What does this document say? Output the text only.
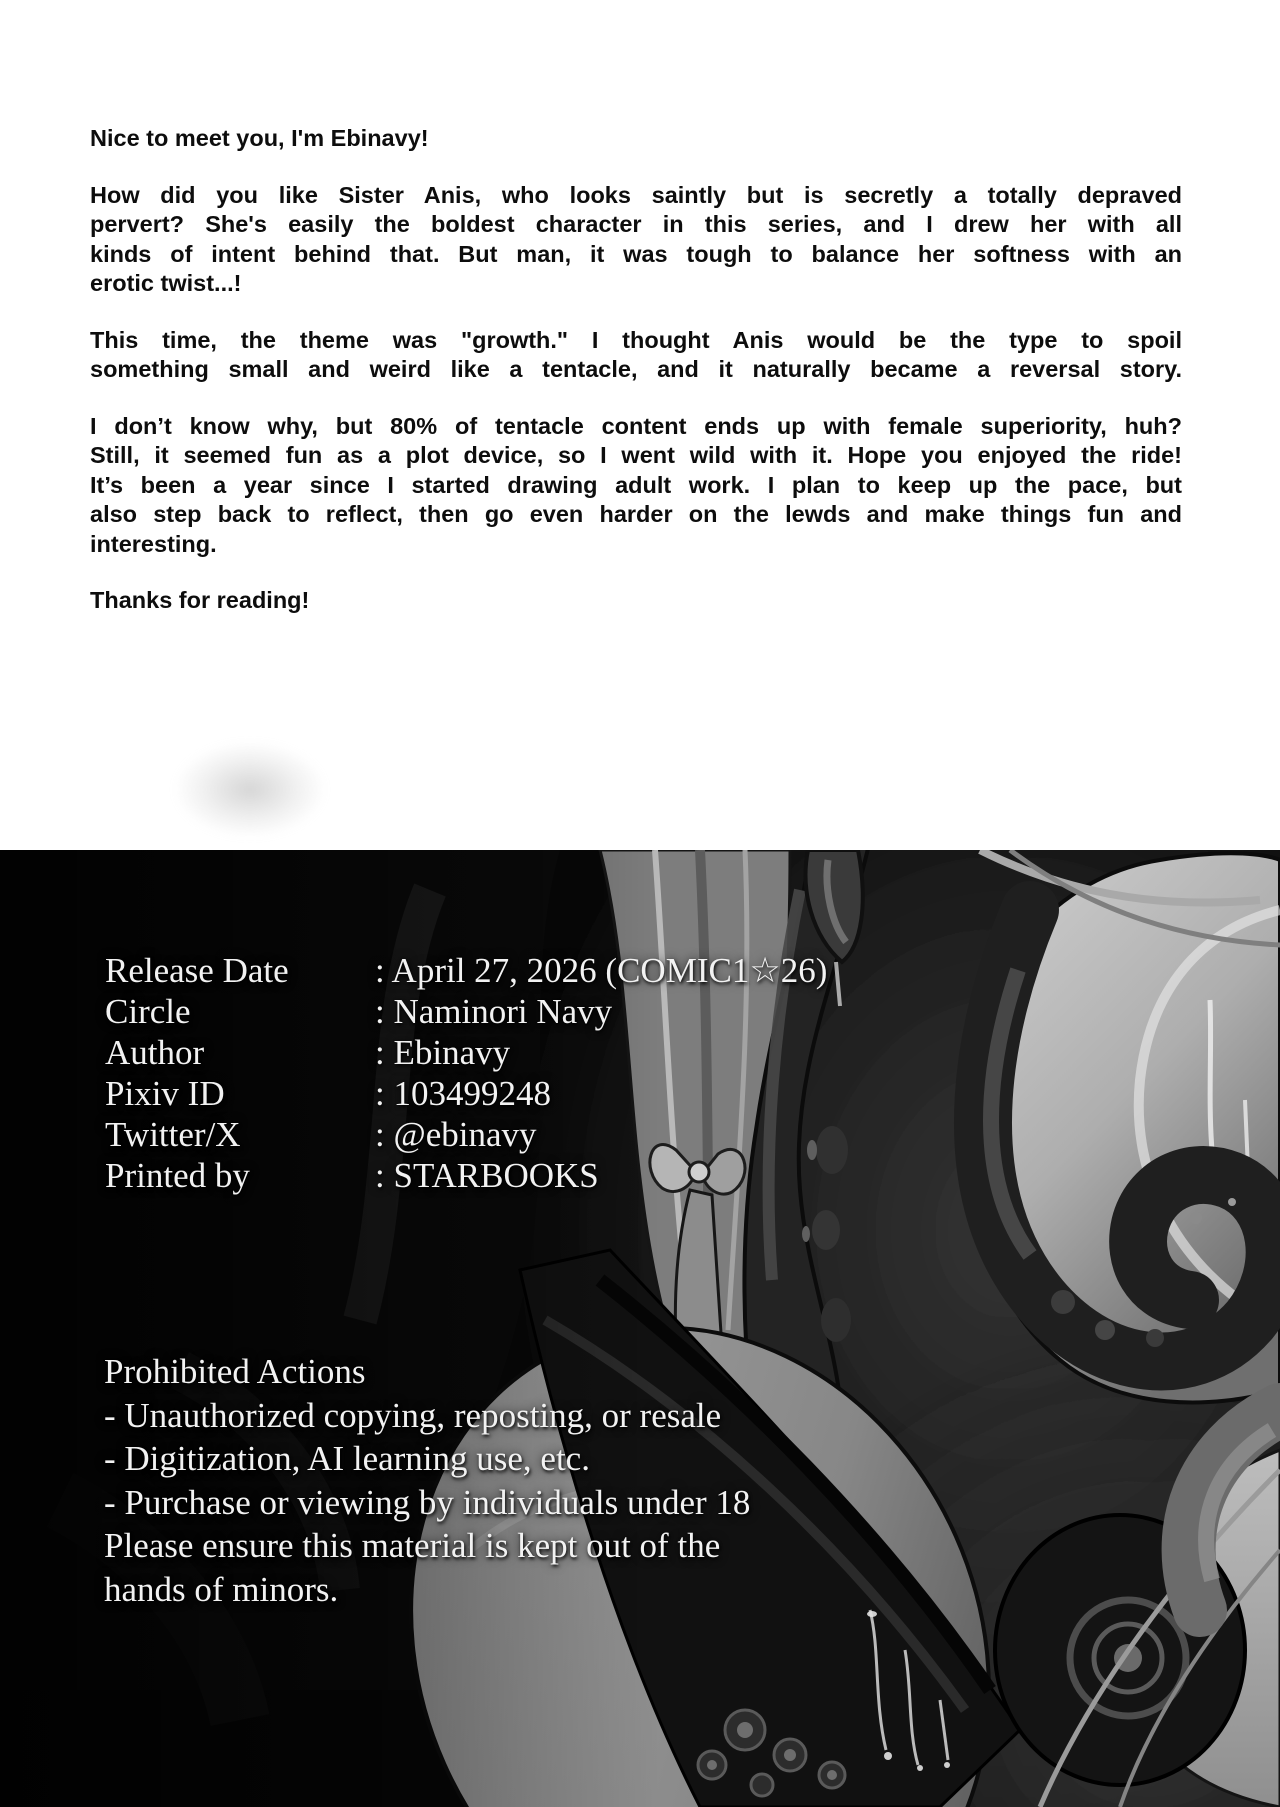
Nice to meet you, I'm Ebinavy!
How did you like Sister Anis, who looks saintly but is secretly a totally depraved
pervert? She's easily the boldest character in this series, and I drew her with all
kinds of intent behind that. But man, it was tough to balance her softness with an
erotic twist...!
This time, the theme was "growth." I thought Anis would be the type to spoil
something small and weird like a tentacle, and it naturally became a reversal story.
I don’t know why, but 80% of tentacle content ends up with female superiority, huh?
Still, it seemed fun as a plot device, so I went wild with it. Hope you enjoyed the ride!
It’s been a year since I started drawing adult work. I plan to keep up the pace, but
also step back to reflect, then go even harder on the lewds and make things fun and
interesting.
Thanks for reading!
Release Date	: April 27, 2026 (COMIC1☆26)
Circle	: Naminori Navy
Author	: Ebinavy
Pixiv ID	: 103499248
Twitter/X	: @ebinavy
Printed by	: STARBOOKS
Prohibited Actions
- Unauthorized copying, reposting, or resale
- Digitization, AI learning use, etc.
- Purchase or viewing by individuals under 18
Please ensure this material is kept out of the
hands of minors.
